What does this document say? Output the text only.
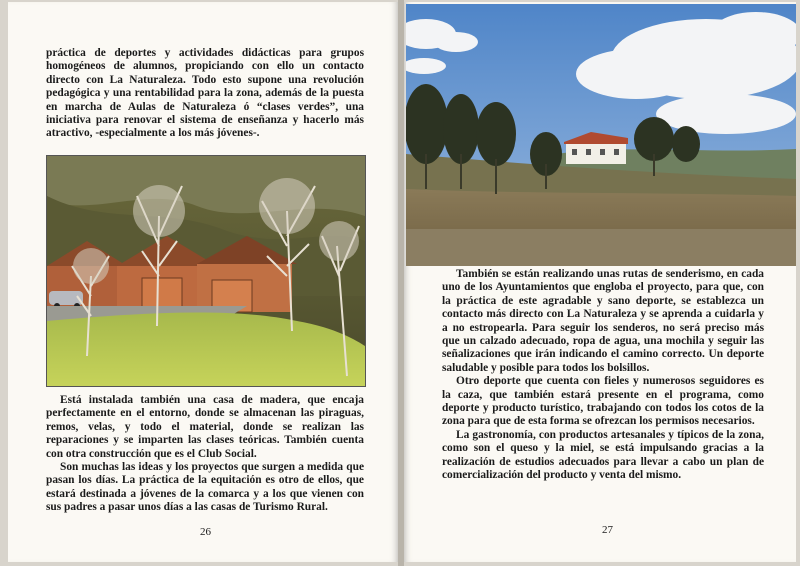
práctica de deportes y actividades didácticas para grupos homogéneos de alumnos, propiciando con ello un contacto directo con La Naturaleza. Todo esto supone una revolución pedagógica y una rentabilidad para la zona, además de la puesta en marcha de Aulas de Naturaleza ó “clases verdes”, una iniciativa para renovar el sistema de enseñanza y hacerlo más atractivo, -especialmente a los más jóvenes-.

Está instalada también una casa de madera, que encaja perfectamente en el entorno, donde se almacenan las piraguas, remos, velas, y todo el material, donde se realizan las reparaciones y se imparten las clases teóricas. También cuenta con otra construcción que es el Club Social.

Son muchas las ideas y los proyectos que surgen a medida que pasan los días. La práctica de la equitación es otro de ellos, que estará destinada a jóvenes de la comarca y a los que vienen con sus padres a pasar unos días a las casas de Turismo Rural.

26

También se están realizando unas rutas de senderismo, en cada uno de los Ayuntamientos que engloba el proyecto, para que, con la práctica de este agradable y sano deporte, se establezca un contacto más directo con La Naturaleza y se aprenda a cuidarla y a no estropearla. Para seguir los senderos, no será preciso más que un calzado adecuado, ropa de agua, una mochila y seguir las señalizaciones que irán indicando el camino correcto. Un deporte saludable y posible para todos los bolsillos.

Otro deporte que cuenta con fieles y numerosos seguidores es la caza, que también estará presente en el programa, como deporte y producto turístico, trabajando con todos los cotos de la zona para que de esta forma se ofrezcan los permisos necesarios.

La gastronomía, con productos artesanales y típicos de la zona, como son el queso y la miel, se está impulsando gracias a la realización de estudios adecuados para llevar a cabo un plan de comercialización del producto y venta del mismo.

27
